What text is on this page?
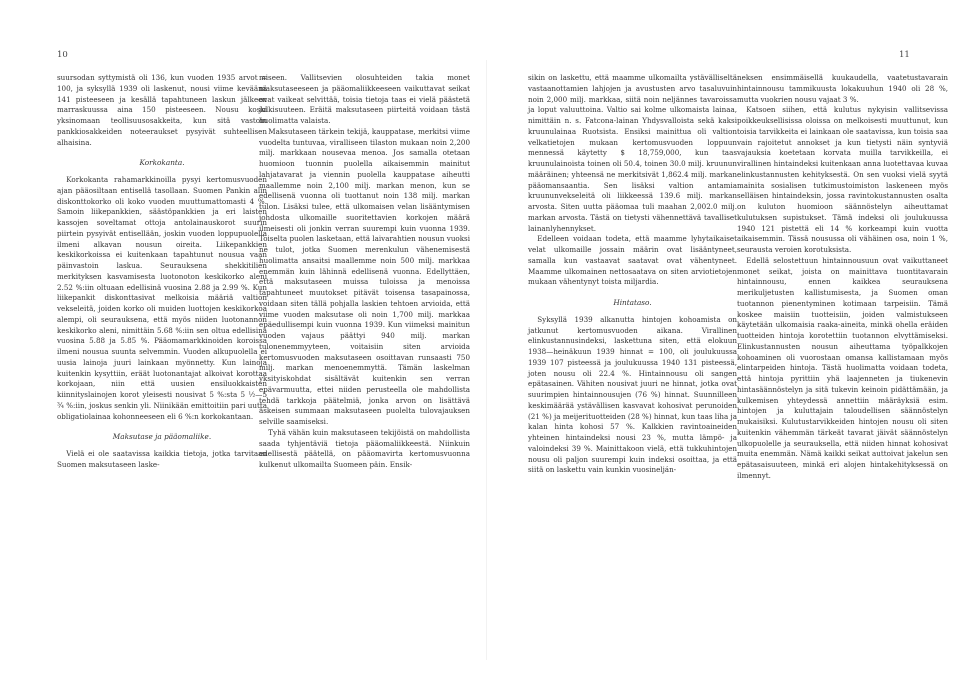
10	11

suursodan syttymistä oli 136, kun vuoden 1935 arvot = 100, ja syksyllä 1939 oli laskenut, nousi viime keväänä 141 pisteeseen ja kesällä tapahtuneen laskun jälkeen marraskuussa aina 150 pisteeseen. Nousu koski yksinomaan teollisuusosakkeita, kun sitä vastoin pankkiosakkeiden noteeraukset pysyivät suhteellisen alhaisina.

Korkokanta.

Korkokanta rahamarkkinoilla pysyi kertomusvuoden ajan pääosiltaan entisellä tasollaan. Suomen Pankin alin diskonttokorko oli koko vuoden muuttumattomasti 4 %. Samoin liikepankkien, säästöpankkien ja eri laisten kassojen soveltamat ottoja antolainauskorot suurin piirtein pysyivät entisellään, joskin vuoden loppupuolella ilmeni alkavan nousun oireita. Liikepankkien keskikorkoissa ei kuitenkaan tapahtunut nousua vaan päinvastoin laskua. Seurauksena shekkitilien merkityksen kasvamisesta luotonoton keskikorko aleni 2.52 %:iin oltuaan edellisinä vuosina 2.88 ja 2.99 %. Kun liikepankit diskonttasivat melkoisia määriä valtion vekseleitä, joiden korko oli muiden luottojen keskikorkoa alempi, oli seurauksena, että myös niiden luotonannon keskikorko aleni, nimittäin 5.68 %:iin sen oltua edellisinä vuosina 5.88 ja 5.85 %. Pääomamarkkinoiden koroissa ilmeni nousua suunta selvemmin. Vuoden alkupuolella ei uusia lainoja juuri lainkaan myönnetty. Kun lainoja kuitenkin kysyttiin, eräät luotonantajat alkoivat korottaa korkojaan, niin että uusien ensiluokkaisten kiinnityslainojen korot yleisesti nousivat 5 %:sta 5 ½—5 ¾ %:iin, joskus senkin yli. Niinikään emittoitiin pari uutta obligatiolainaa kohonneeseen eli 6 %:n korkokantaan.

Maksutase ja pääomaliike.

Vielä ei ole saatavissa kaikkia tietoja, jotka tarvitaan Suomen maksutaseen laske-

miseen. Vallitsevien olosuhteiden takia monet maksutaseeseen ja pääomaliikkeeseen vaikuttavat seikat ovat vaikeat selvittää, toisia tietoja taas ei vielä päästetä julkisuuteen. Eräitä maksutaseen piirteitä voidaan tästä huolimatta valaista.

Maksutaseen tärkein tekijä, kauppatase, merkitsi viime vuodelta tuntuvaa, viralliseen tilaston mukaan noin 2,200 milj. markkaan nousevaa menoa. Jos samalla otetaan huomioon tuonnin puolella aikaisemmin mainitut lahjatavarat ja viennin puolella kauppatase aiheutti maallemme noin 2,100 milj. markan menon, kun se edellisenä vuonna oli tuottanut noin 138 milj. markan tulon. Lisäksi tulee, että ulkomaisen velan lisääntymisen johdosta ulkomaille suoritettavien korkojen määrä ilmeisesti oli jonkin verran suurempi kuin vuonna 1939. Toiselta puolen lasketaan, että laivarahtien nousun vuoksi ne tulot, jotka Suomen merenkulun vähenemisestä huolimatta ansaitsi maallemme noin 500 milj. markkaa enemmän kuin lähinnä edellisenä vuonna. Edellyttäen, että maksutaseen muissa tuloissa ja menoissa tapahtuneet muutokset pitävät toisensa tasapainossa, voidaan siten tällä pohjalla laskien tehtoen arvioida, että viime vuoden maksutase oli noin 1,700 milj. markkaa epäedullisempi kuin vuonna 1939. Kun viimeksi mainitun vuoden vajaus päättyi 940 milj. markan tulonenemmyyteen, voitaisiin siten arvioida kertomusvuoden maksutaseen osoittavan runsaasti 750 milj. markan menoenemmyttä. Tämän laskelman yksityiskohdat sisältävät kuitenkin sen verran epävarmuutta, ettei niiden perusteella ole mahdollista tehdä tarkkoja päätelmiä, jonka arvon on lisättävä äskeisen summaan maksutaseen puolelta tulovajauksen selville saamiseksi.

Tyhä vähän kuin maksutaseen tekijöistä on mahdollista saada tyhjentäviä tietoja pääomaliikkeestä. Niinkuin edellisestä päätellä, on pääomavirta kertomusvuonna kulkenut ulkomailta Suomeen päin. Ensik-

sikin on laskettu, että maamme ulkomailta ystävälliseltä vastaanottamien lahjojen ja avustusten arvo tasaluvuin noin 2,000 milj. markkaa, siitä noin neljännes tavaroissa ja loput valuuttoina. Valtio sai kolme ulkomaista lainaa, nimittäin n. s. Fatcona-lainan Yhdysvalloista sekä kaksi kruunulainaa Ruotsista. Ensiksi mainittua oli valtion velkatietojen mukaan kertomusvuoden loppuun mennessä käytetty $ 18,759,000, kun taas kruunulainoista toinen oli 50.4, toinen 30.0 milj. kruunun määräinen; yhteensä ne merkitsivät 1,862.4 milj. markan pääomansaantia. Sen lisäksi valtion antamia kruununvekseleitä oli liikkeessä 139.6 milj. markan arvosta. Siten uutta pääomaa tuli maahan 2,002.0 milj. markan arvosta. Tästä on tietysti vähennettävä tavalliset lainanlyhennykset.

Edelleen voidaan todeta, että maamme lyhytaikaiset velat ulkomaille jossain määrin ovat lisääntyneet, samalla kun vastaavat saatavat ovat vähentyneet. Maamme ulkomainen nettosaatava on siten arviotietojen mukaan vähentynyt toista miljardia.

Hintataso.

Syksyllä 1939 alkanutta hintojen kohoamista on jatkunut kertomusvuoden aikana. Virallinen elinkustannusindeksi, laskettuna siten, että elokuun 1938—heinäkuun 1939 hinnat = 100, oli joulukuussa 1939 107 pisteessä ja joulukuussa 1940 131 pisteessä, joten nousu oli 22.4 %. Hintainnousu oli sangen epätasainen. Vähiten nousivat juuri ne hinnat, jotka ovat suurimpien hintainnousujen (76 %) hinnat. Suunnilleen keskimäärää ystävällisen kasvavat kohosivat perunoiden (21 %) ja meijerituotteiden (28 %) hinnat, kun taas liha ja kalan hinta kohosi 57 %. Kalkkien ravintoaineiden yhteinen hintaindeksi nousi 23 %, mutta lämpö- ja valoindeksi 39 %. Mainittakoon vielä, että tukkuhintojen nousu oli paljon suurempi kuin indeksi osoittaa, ja että siitä on laskettu vain kunkin vuosinelján-

neksen ensimmäisellä kuukaudella, vaatetustavarain hintainnousu tammikuusta lokakuuhun 1940 oli 28 %, mutta vuokrien nousu vajaat 3 %.

Katsoen siihen, että kulutus nykyisin vallitsevissa poikkeuksellisissa oloissa on melkoisesti muuttunut, kun toisia tarvikkeita ei lainkaan ole saatavissa, kun toisia saa vain rajoitetut annokset ja kun tietysti näin syntyviä vajauksia koetetaan korvata muilla tarvikkeilla, ei virallinen hintaindeksi kuitenkaan anna luotettavaa kuvaa elinkustannusten kehityksestä. On sen vuoksi vielä syytä mainita sosialisen tutkimustoimiston laskeneen myös selläisen hintaindeksin, jossa ravintokustannusten osalta on kuluton huomioon säännöstelyn aiheuttamat kulutuksen supistukset. Tämä indeksi oli joulukuussa 1940 121 pistettä eli 14 % korkeampi kuin vuotta aikaisemmin. Tässä nousussa oli vähäinen osa, noin 1 %, seurausta veroien korotuksista.

Edellä selostettuun hintainnousuun ovat vaikuttaneet monet seikat, joista on mainittava tuontitavarain hintainnousu, ennen kaikkea seurauksena merikuljetusten kallistumisesta, ja Suomen oman tuotannon pienentyminen kotimaan tarpeisiin. Tämä koskee maisiin tuotteisiin, joiden valmistukseen käytetään ulkomaisia raaka-aineita, minkä ohella eräiden tuotteiden hintoja korotettiin tuotannon elvyttämiseksi. Elinkustannusten nousun aiheuttama työpalkkojen kohoaminen oli vuorostaan omansa kallistamaan myös elintarpeiden hintoja. Tästä huolimatta voidaan todeta, että hintoja pyrittiin yhä laajenneten ja tiukenevin hintasäännöstelyn ja sitä tukevin keinoin pidättämään, ja kulkemisen yhteydessä annettiin määräyksiä esim. hintojen ja kuluttajain taloudellisen säännöstelyn mukaisiksi. Kulutustarvikkeiden hintojen nousu oli siten kuitenkin vähemmän tärkeät tavarat jäivät säännöstelyn ulkopuolelle ja seurauksella, että niiden hinnat kohosivat muita enemmän. Nämä kaikki seikat auttoivat jakelun sen epätasaisuuteen, minkä eri alojen hintakehityksessä on ilmennyt.
